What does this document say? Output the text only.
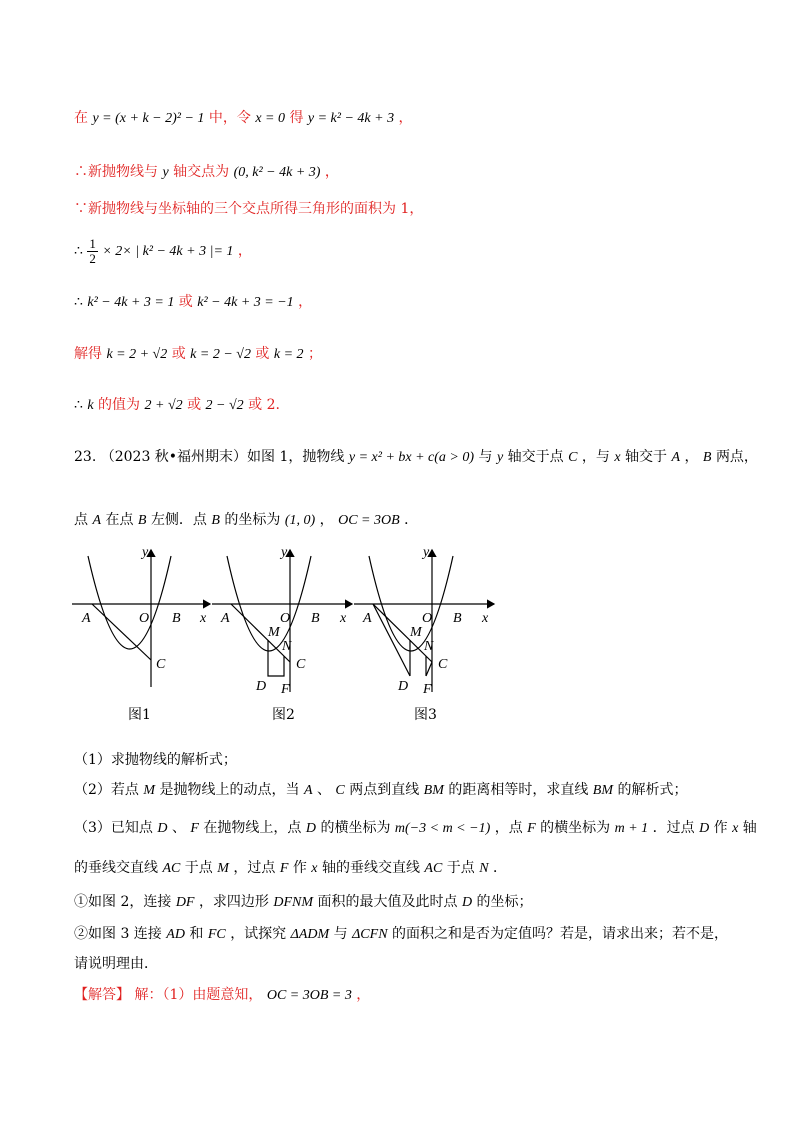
在 y = (x + k − 2)² − 1 中，令 x = 0 得 y = k² − 4k + 3 ，
∴新抛物线与 y 轴交点为 (0, k² − 4k + 3) ，
∵新抛物线与坐标轴的三个交点所得三角形的面积为 1，
∴ $\frac{1}{2} \times 2\times$ | k² − 4k + 3 |= 1 ，
∴ k² − 4k + 3 = 1 或 k² − 4k + 3 = −1 ，
解得 k = 2 + √2 或 k = 2 − √2 或 k = 2 ；
∴ k 的值为 2 + √2 或 2 − √2 或 2.
23. （2023 秋•福州期末）如图 1，抛物线 y = x² + bx + c(a > 0) 与 y 轴交于点 C ，与 x 轴交于 A ， B 两点，
点 A 在点 B 左侧．点 B 的坐标为 (1, 0) ， OC = 3OB ．
A	O B x
y
C
图1
A	O B x
y
M
N
C
D F
图2
A	O B x
y
M
N
C
D F
图3
（1）求抛物线的解析式；
（2）若点 M 是抛物线上的动点，当 A 、 C 两点到直线 BM 的距离相等时，求直线 BM 的解析式；
（3）已知点 D 、 F 在抛物线上，点 D 的横坐标为 m(−3 < m < −1) ，点 F 的横坐标为 m + 1 ．过点 D 作 x 轴
的垂线交直线 AC 于点 M ，过点 F 作 x 轴的垂线交直线 AC 于点 N ．
①如图 2，连接 DF ，求四边形 DFNM 面积的最大值及此时点 D 的坐标；
②如图 3 连接 AD 和 FC ，试探究 ΔADM 与 ΔCFN 的面积之和是否为定值吗？若是，请求出来；若不是，
请说明理由．
【解答】 解：（1）由题意知， OC = 3OB = 3 ，
